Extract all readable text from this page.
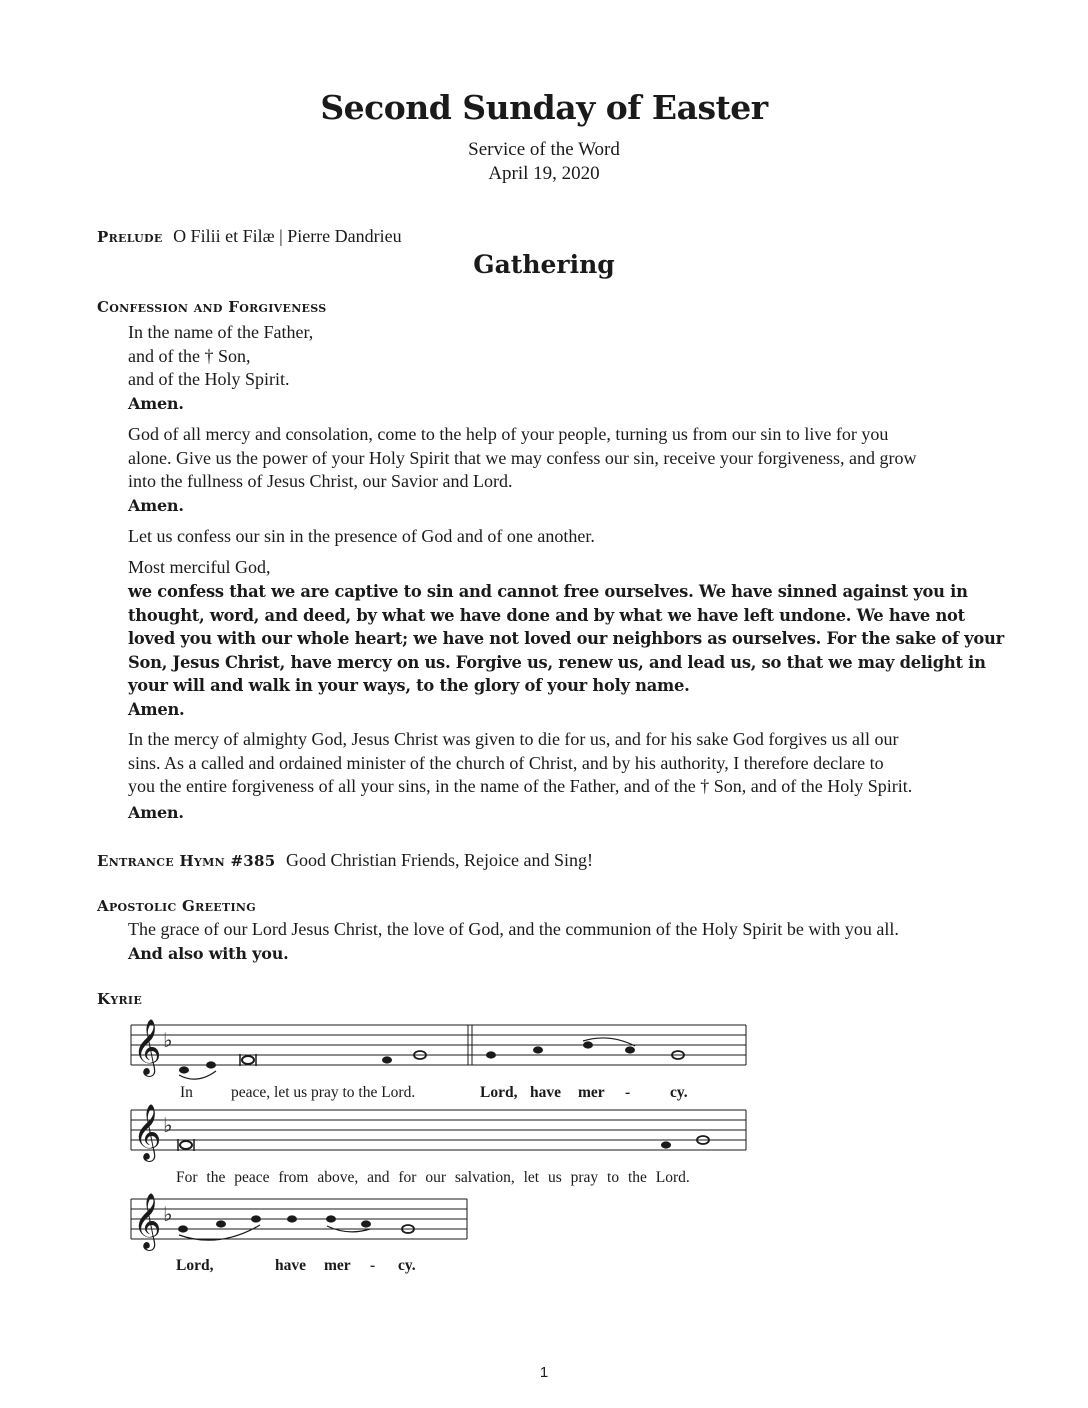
Second Sunday of Easter
Service of the Word
April 19, 2020
Prelude O Filii et Filæ | Pierre Dandrieu
Gathering
Confession and Forgiveness
In the name of the Father,
and of the † Son,
and of the Holy Spirit.
Amen.
God of all mercy and consolation, come to the help of your people, turning us from our sin to live for you
alone. Give us the power of your Holy Spirit that we may confess our sin, receive your forgiveness, and grow
into the fullness of Jesus Christ, our Savior and Lord.
Amen.
Let us confess our sin in the presence of God and of one another.
Most merciful God,
we confess that we are captive to sin and cannot free ourselves. We have sinned against you in
thought, word, and deed, by what we have done and by what we have left undone. We have not
loved you with our whole heart; we have not loved our neighbors as ourselves. For the sake of your
Son, Jesus Christ, have mercy on us. Forgive us, renew us, and lead us, so that we may delight in
your will and walk in your ways, to the glory of your holy name.
Amen.
In the mercy of almighty God, Jesus Christ was given to die for us, and for his sake God forgives us all our
sins. As a called and ordained minister of the church of Christ, and by his authority, I therefore declare to
you the entire forgiveness of all your sins, in the name of the Father, and of the † Son, and of the Holy Spirit.
Amen.
Entrance Hymn #385 Good Christian Friends, Rejoice and Sing!
Apostolic Greeting
The grace of our Lord Jesus Christ, the love of God, and the communion of the Holy Spirit be with you all.
And also with you.
Kyrie
𝄞 ♭
In peace, let us pray to the Lord.	Lord, have mer -	cy.
𝄞 ♭
For the peace from above, and for our salvation, let us pray to the Lord.
𝄞 ♭
Lord,	have mer - cy.
1
